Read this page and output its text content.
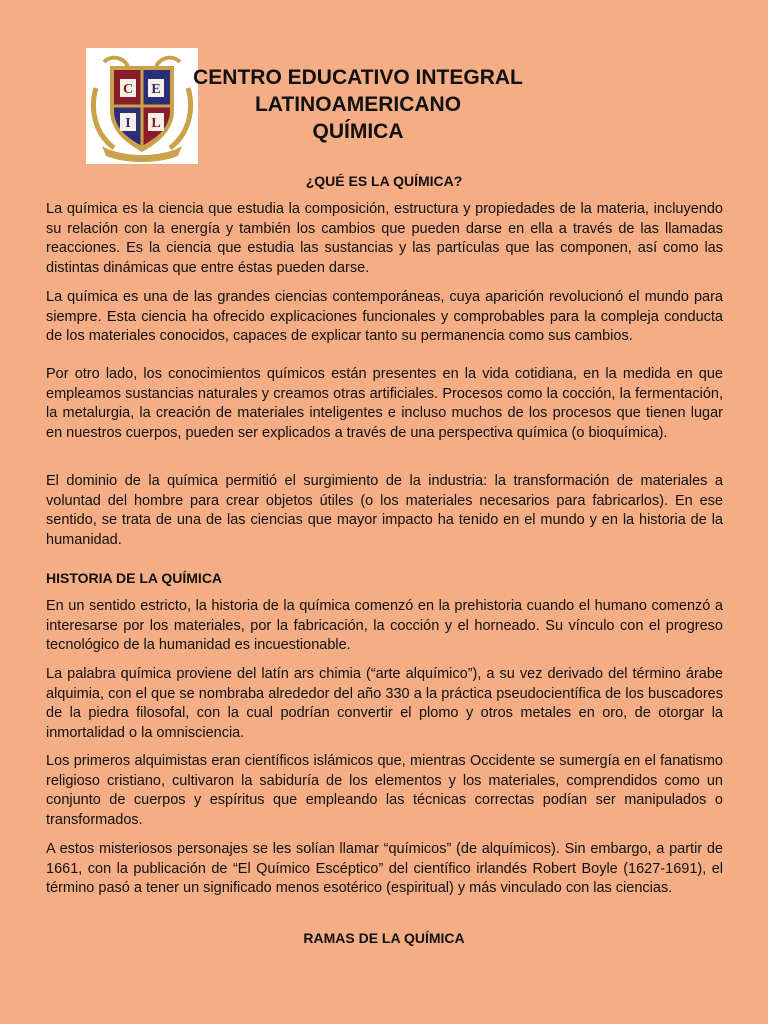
C E
I L
CENTRO EDUCATIVO INTEGRAL
LATINOAMERICANO
QUÍMICA
¿QUÉ ES LA QUÍMICA?

La química es la ciencia que estudia la composición, estructura y propiedades de la materia, incluyendo su relación con la energía y también los cambios que pueden darse en ella a través de las llamadas reacciones. Es la ciencia que estudia las sustancias y las partículas que las componen, así como las distintas dinámicas que entre éstas pueden darse.

La química es una de las grandes ciencias contemporáneas, cuya aparición revolucionó el mundo para siempre. Esta ciencia ha ofrecido explicaciones funcionales y comprobables para la compleja conducta de los materiales conocidos, capaces de explicar tanto su permanencia como sus cambios.

Por otro lado, los conocimientos químicos están presentes en la vida cotidiana, en la medida en que empleamos sustancias naturales y creamos otras artificiales. Procesos como la cocción, la fermentación, la metalurgia, la creación de materiales inteligentes e incluso muchos de los procesos que tienen lugar en nuestros cuerpos, pueden ser explicados a través de una perspectiva química (o bioquímica).

El dominio de la química permitió el surgimiento de la industria: la transformación de materiales a voluntad del hombre para crear objetos útiles (o los materiales necesarios para fabricarlos). En ese sentido, se trata de una de las ciencias que mayor impacto ha tenido en el mundo y en la historia de la humanidad.

HISTORIA DE LA QUÍMICA

En un sentido estricto, la historia de la química comenzó en la prehistoria cuando el humano comenzó a interesarse por los materiales, por la fabricación, la cocción y el horneado. Su vínculo con el progreso tecnológico de la humanidad es incuestionable.

La palabra química proviene del latín ars chimia (“arte alquímico”), a su vez derivado del término árabe alquimia, con el que se nombraba alrededor del año 330 a la práctica pseudocientífica de los buscadores de la piedra filosofal, con la cual podrían convertir el plomo y otros metales en oro, de otorgar la inmortalidad o la omnisciencia.

Los primeros alquimistas eran científicos islámicos que, mientras Occidente se sumergía en el fanatismo religioso cristiano, cultivaron la sabiduría de los elementos y los materiales, comprendidos como un conjunto de cuerpos y espíritus que empleando las técnicas correctas podían ser manipulados o transformados.

A estos misteriosos personajes se les solían llamar “químicos” (de alquímicos). Sin embargo, a partir de 1661, con la publicación de “El Químico Escéptico” del científico irlandés Robert Boyle (1627-1691), el término pasó a tener un significado menos esotérico (espiritual) y más vinculado con las ciencias.

RAMAS DE LA QUÍMICA
